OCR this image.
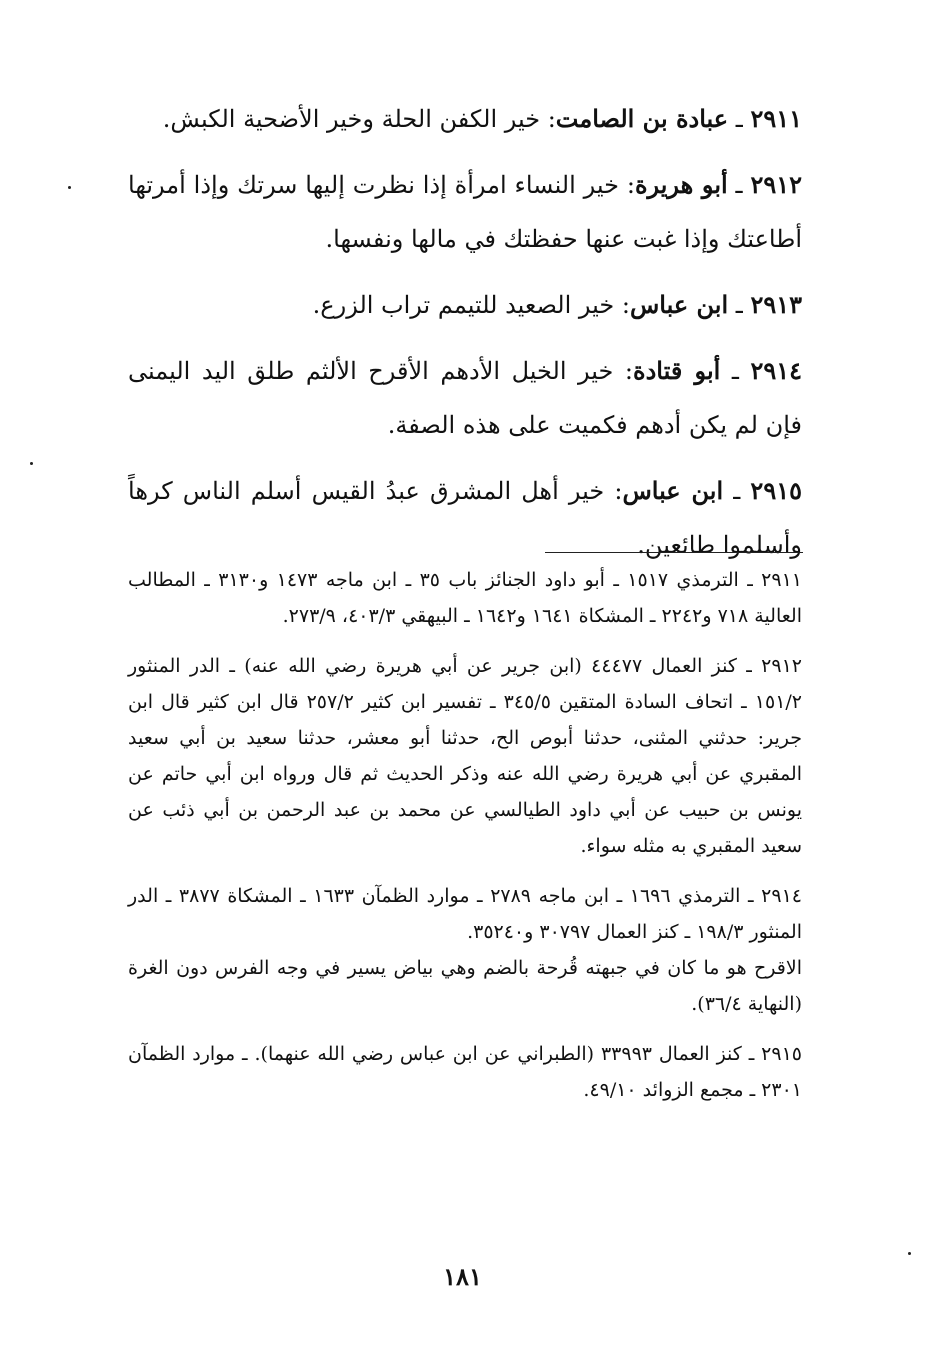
٢٩١١ ـ عبادة بن الصامت: خير الكفن الحلة وخير الأضحية الكبش.

٢٩١٢ ـ أبو هريرة: خير النساء امرأة إذا نظرت إليها سرتك وإذا أمرتها أطاعتك وإذا غبت عنها حفظتك في مالها ونفسها.

٢٩١٣ ـ ابن عباس: خير الصعيد للتيمم تراب الزرع.

٢٩١٤ ـ أبو قتادة: خير الخيل الأدهم الأقرح الألثم طلق اليد اليمنى فإن لم يكن أدهم فكميت على هذه الصفة.

٢٩١٥ ـ ابن عباس: خير أهل المشرق عبدُ القيس أسلم الناس كرهاً وأسلموا طائعين.

٢٩١١ ـ الترمذي ١٥١٧ ـ أبو داود الجنائز باب ٣٥ ـ ابن ماجه ١٤٧٣ و٣١٣٠ ـ المطالب العالية ٧١٨ و٢٢٤٢ ـ المشكاة ١٦٤١ و١٦٤٢ ـ البيهقي ٤٠٣/٣، ٢٧٣/٩.

٢٩١٢ ـ كنز العمال ٤٤٤٧٧ (ابن جرير عن أبي هريرة رضي الله عنه) ـ الدر المنثور ١٥١/٢ ـ اتحاف السادة المتقين ٣٤٥/٥ ـ تفسير ابن كثير ٢٥٧/٢ قال ابن كثير قال ابن جرير: حدثني المثنى، حدثنا أبوص الح، حدثنا أبو معشر، حدثنا سعيد بن أبي سعيد المقبري عن أبي هريرة رضي الله عنه وذكر الحديث ثم قال ورواه ابن أبي حاتم عن يونس بن حبيب عن أبي داود الطيالسي عن محمد بن عبد الرحمن بن أبي ذئب عن سعيد المقبري به مثله سواء.

٢٩١٤ ـ الترمذي ١٦٩٦ ـ ابن ماجه ٢٧٨٩ ـ موارد الظمآن ١٦٣٣ ـ المشكاة ٣٨٧٧ ـ الدر المنثور ١٩٨/٣ ـ كنز العمال ٣٠٧٩٧ و٣٥٢٤٠.

الاقرح هو ما كان في جبهته قُرحة بالضم وهي بياض يسير في وجه الفرس دون الغرة (النهاية ٣٦/٤).

٢٩١٥ ـ كنز العمال ٣٣٩٩٣ (الطبراني عن ابن عباس رضي الله عنهما). ـ موارد الظمآن ٢٣٠١ ـ مجمع الزوائد ٤٩/١٠.

١٨١
